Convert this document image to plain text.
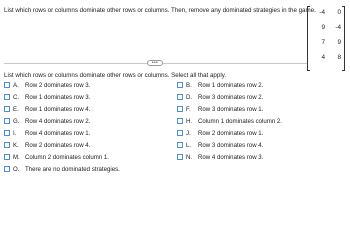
List which rows or columns dominate other rows or columns. Then, remove any dominated strategies in the game. -4	0
9	-4
7	9
4	8
•••
List which rows or columns dominate other rows or columns. Select all that apply.
A.	Row 2 dominates row 3.
C. Row 1 dominates row 3.
E.	Row 1 dominates row 4.
G. Row 4 dominates row 2.
I.	Row 4 dominates row 1.
K.	Row 2 dominates row 4.
M. Column 2 dominates column 1.
O. There are no dominated strategies.
B.	Row 1 dominates row 2.
D. Row 3 dominates row 2.
F.	Row 3 dominates row 1.
H. Column 1 dominates column 2.
J.	Row 2 dominates row 1.
L.	Row 3 dominates row 4.
N. Row 4 dominates row 3.
